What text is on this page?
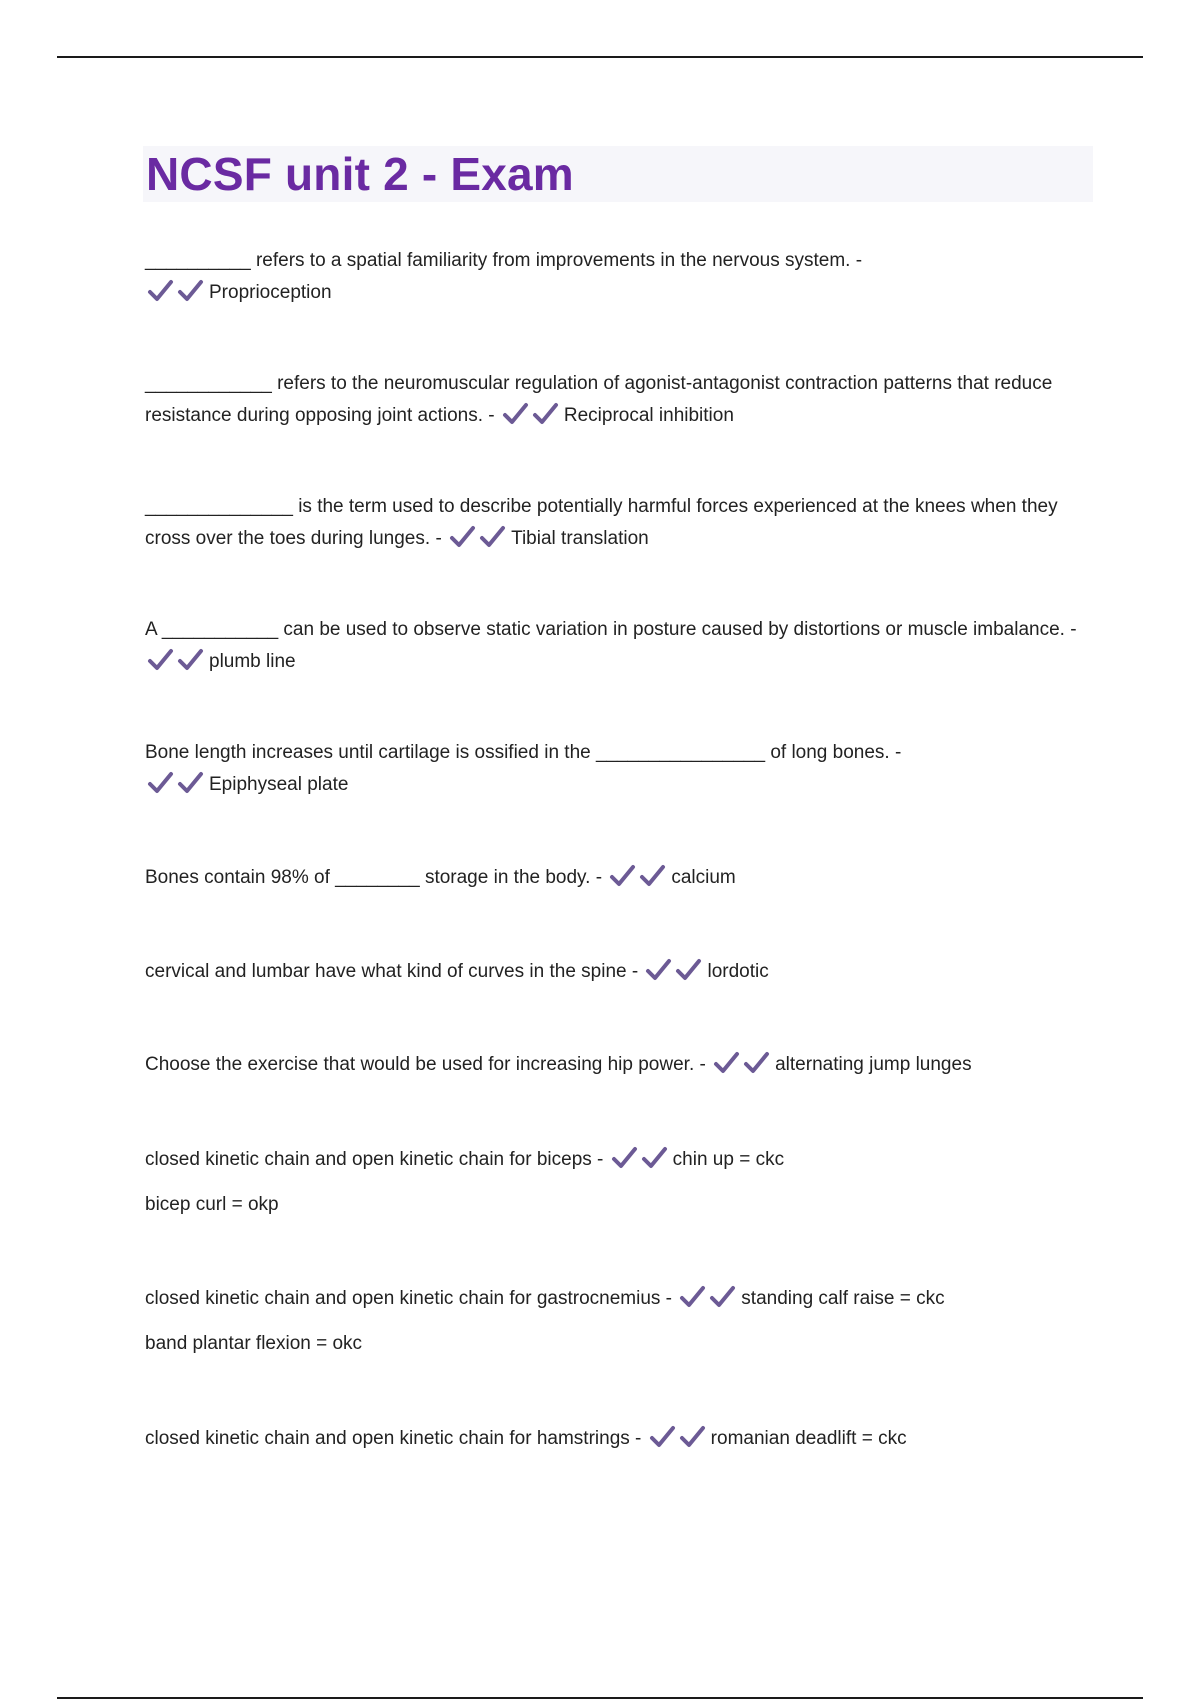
NCSF unit 2 - Exam

__________ refers to a spatial familiarity from improvements in the nervous system. -

Proprioception

____________ refers to the neuromuscular regulation of agonist-antagonist contraction patterns that reduce resistance during opposing joint actions. -	Reciprocal inhibition

______________ is the term used to describe potentially harmful forces experienced at the knees when they cross over the toes during lunges. -	Tibial translation

A ___________ can be used to observe static variation in posture caused by distortions or muscle imbalance. -
plumb line

Bone length increases until cartilage is ossified in the ________________ of long bones. -

Epiphyseal plate

Bones contain 98% of ________ storage in the body. -	calcium

cervical and lumbar have what kind of curves in the spine -	lordotic

Choose the exercise that would be used for increasing hip power. -	alternating jump lunges

closed kinetic chain and open kinetic chain for biceps -	chin up = ckc

bicep curl = okp

closed kinetic chain and open kinetic chain for gastrocnemius -	standing calf raise = ckc

band plantar flexion = okc

closed kinetic chain and open kinetic chain for hamstrings -	romanian deadlift = ckc
